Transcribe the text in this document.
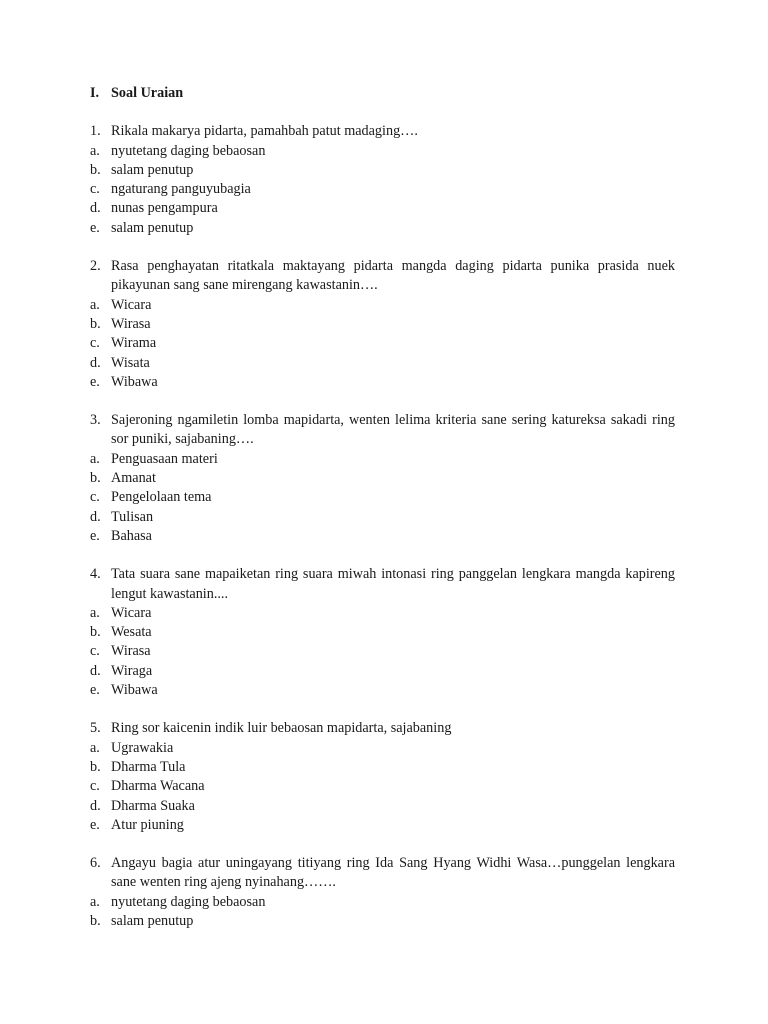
I. Soal Uraian
1. Rikala makarya pidarta, pamahbah patut madaging….
a. nyutetang daging bebaosan
b. salam penutup
c. ngaturang panguyubagia
d. nunas pengampura
e. salam penutup
2. Rasa penghayatan ritatkala maktayang pidarta mangda daging pidarta punika prasida nuek pikayunan sang sane mirengang kawastanin….
a. Wicara
b. Wirasa
c. Wirama
d. Wisata
e. Wibawa
3. Sajeroning ngamiletin lomba mapidarta, wenten lelima kriteria sane sering katureksa sakadi ring sor puniki, sajabaning….
a. Penguasaan materi
b. Amanat
c. Pengelolaan tema
d. Tulisan
e. Bahasa
4. Tata suara sane mapaiketan ring suara miwah intonasi ring panggelan lengkara mangda kapireng lengut kawastanin....
a. Wicara
b. Wesata
c. Wirasa
d. Wiraga
e. Wibawa
5. Ring sor kaicenin indik luir bebaosan mapidarta, sajabaning
a. Ugrawakia
b. Dharma Tula
c. Dharma Wacana
d. Dharma Suaka
e. Atur piuning
6. Angayu bagia atur uningayang titiyang ring Ida Sang Hyang Widhi Wasa…punggelan lengkara sane wenten ring ajeng nyinahang…….
a. nyutetang daging bebaosan
b. salam penutup
